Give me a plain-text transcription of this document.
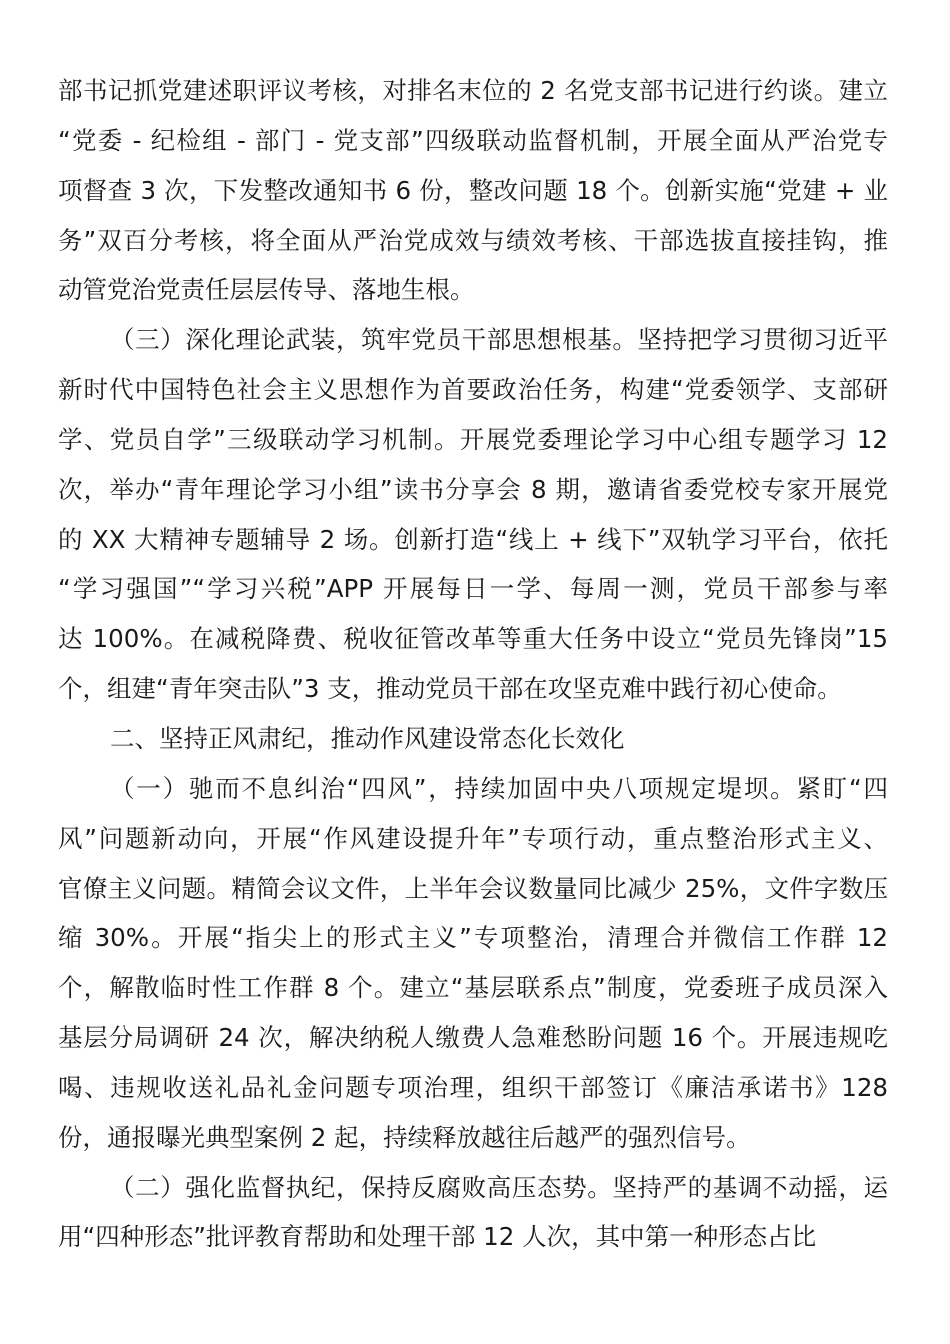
部书记抓党建述职评议考核，对排名末位的 2 名党支部书记进行约谈。建立
“党委 - 纪检组 - 部门 - 党支部”四级联动监督机制，开展全面从严治党专
项督查 3 次，下发整改通知书 6 份，整改问题 18 个。创新实施“党建 + 业
务”双百分考核，将全面从严治党成效与绩效考核、干部选拔直接挂钩，推
动管党治党责任层层传导、落地生根。
（三）深化理论武装，筑牢党员干部思想根基。坚持把学习贯彻习近平
新时代中国特色社会主义思想作为首要政治任务，构建“党委领学、支部研
学、党员自学”三级联动学习机制。开展党委理论学习中心组专题学习 12
次，举办“青年理论学习小组”读书分享会 8 期，邀请省委党校专家开展党
的 XX 大精神专题辅导 2 场。创新打造“线上 + 线下”双轨学习平台，依托
“学习强国”“学习兴税”APP 开展每日一学、每周一测，党员干部参与率
达 100%。在减税降费、税收征管改革等重大任务中设立“党员先锋岗”15
个，组建“青年突击队”3 支，推动党员干部在攻坚克难中践行初心使命。
二、坚持正风肃纪，推动作风建设常态化长效化
（一）驰而不息纠治“四风”，持续加固中央八项规定堤坝。紧盯“四
风”问题新动向，开展“作风建设提升年”专项行动，重点整治形式主义、
官僚主义问题。精简会议文件，上半年会议数量同比减少 25%，文件字数压
缩 30%。开展“指尖上的形式主义”专项整治，清理合并微信工作群 12
个，解散临时性工作群 8 个。建立“基层联系点”制度，党委班子成员深入
基层分局调研 24 次，解决纳税人缴费人急难愁盼问题 16 个。开展违规吃
喝、违规收送礼品礼金问题专项治理，组织干部签订《廉洁承诺书》128
份，通报曝光典型案例 2 起，持续释放越往后越严的强烈信号。
（二）强化监督执纪，保持反腐败高压态势。坚持严的基调不动摇，运
用“四种形态”批评教育帮助和处理干部 12 人次，其中第一种形态占比
